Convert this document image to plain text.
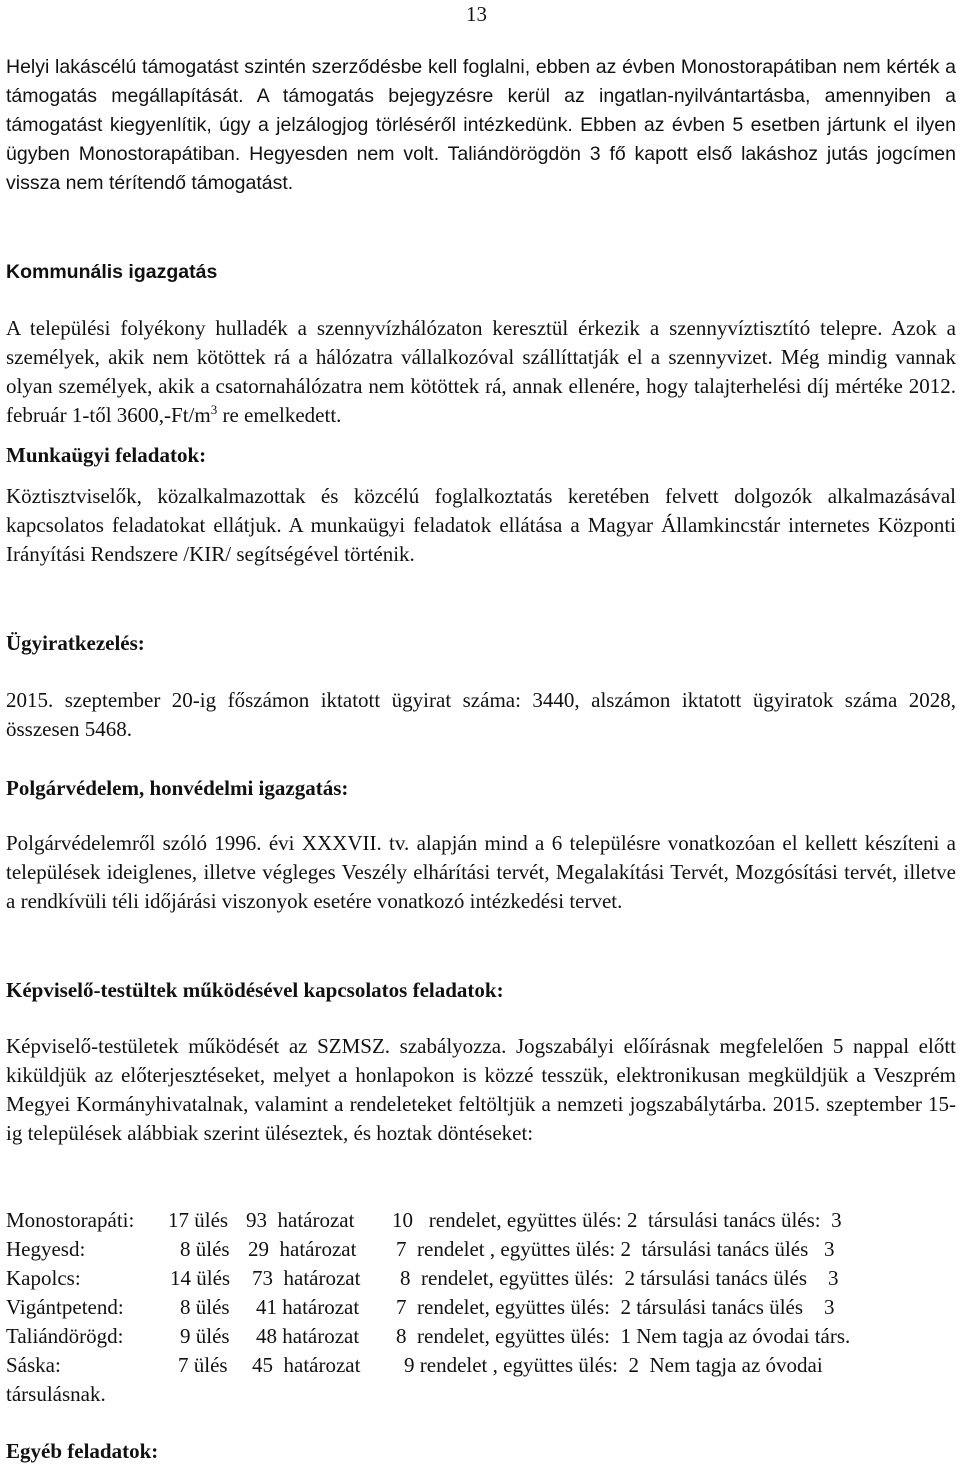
13

Helyi lakáscélú támogatást szintén szerződésbe kell foglalni, ebben az évben Monostorapátiban nem kérték a támogatás megállapítását. A támogatás bejegyzésre kerül az ingatlan-nyilvántartásba, amennyiben a támogatást kiegyenlítik, úgy a jelzálogjog törléséről intézkedünk. Ebben az évben 5 esetben jártunk el ilyen ügyben Monostorapátiban. Hegyesden nem volt. Taliándörögdön 3 fő kapott első lakáshoz jutás jogcímen vissza nem térítendő támogatást.

Kommunális igazgatás

A települési folyékony hulladék a szennyvízhálózaton keresztül érkezik a szennyvíztisztító telepre. Azok a személyek, akik nem kötöttek rá a hálózatra vállalkozóval szállíttatják el a szennyvizet. Még mindig vannak olyan személyek, akik a csatornahálózatra nem kötöttek rá, annak ellenére, hogy talajterhelési díj mértéke 2012. február 1-től $3600,-Ft/m^3$ re emelkedett.

Munkaügyi feladatok:

Köztisztviselők, közalkalmazottak és közcélú foglalkoztatás keretében felvett dolgozók alkalmazásával kapcsolatos feladatokat ellátjuk. A munkaügyi feladatok ellátása a Magyar Államkincstár internetes Központi Irányítási Rendszere /KIR/ segítségével történik.

Ügyiratkezelés:

2015. szeptember 20-ig főszámon iktatott ügyirat száma: 3440, alszámon iktatott ügyiratok száma 2028, összesen 5468.

Polgárvédelem, honvédelmi igazgatás:

Polgárvédelemről szóló 1996. évi XXXVII. tv. alapján mind a 6 településre vonatkozóan el kellett készíteni a települések ideiglenes, illetve végleges Veszély elhárítási tervét, Megalakítási Tervét, Mozgósítási tervét, illetve a rendkívüli téli időjárási viszonyok esetére vonatkozó intézkedési tervet.

Képviselő-testültek működésével kapcsolatos feladatok:

Képviselő-testületek működését az SZMSZ. szabályozza. Jogszabályi előírásnak megfelelően 5 nappal előtt kiküldjük az előterjesztéseket, melyet a honlapokon is közzé tesszük, elektronikusan megküldjük a Veszprém Megyei Kormányhivatalnak, valamint a rendeleteket feltöltjük a nemzeti jogszabálytárba. 2015. szeptember 15-ig települések alábbiak szerint üléseztek, és hoztak döntéseket:

Monostorapáti: 17 ülés 93  határozat 10   rendelet, együttes ülés: 2  társulási tanács ülés:  3
Hegyesd:	8 ülés 29  határozat 7  rendelet , együttes ülés: 2  társulási tanács ülés   3
Kapolcs:	14 ülés 73  határozat 8  rendelet, együttes ülés:  2 társulási tanács ülés    3
Vigántpetend:	8 ülés 41 határozat 7  rendelet, együttes ülés:  2 társulási tanács ülés    3
Taliándörögd:	9 ülés 48 határozat 8  rendelet, együttes ülés:  1 Nem tagja az óvodai társ.
Sáska:	7 ülés 45  határozat 9 rendelet , együttes ülés:  2  Nem tagja az óvodai
társulásnak.
Egyéb feladatok:
